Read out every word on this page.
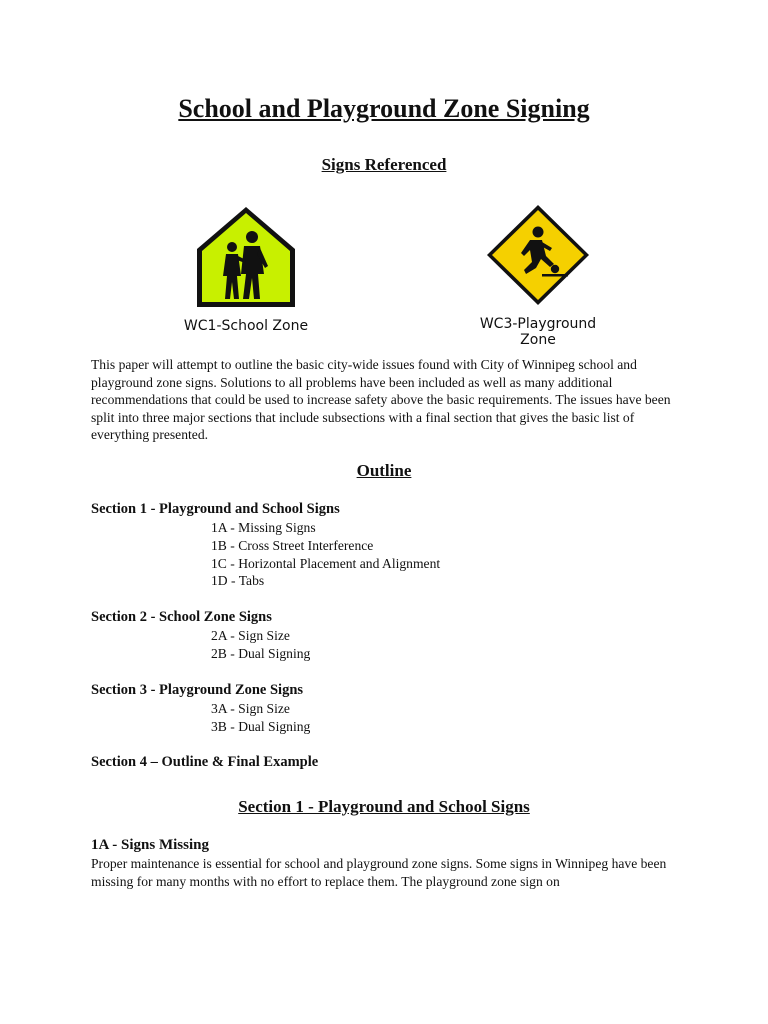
School and Playground Zone Signing
Signs Referenced
WC1-School Zone	WC3-Playground Zone

This paper will attempt to outline the basic city-wide issues found with City of Winnipeg school and playground zone signs. Solutions to all problems have been included as well as many additional recommendations that could be used to increase safety above the basic requirements. The issues have been split into three major sections that include subsections with a final section that gives the basic list of everything presented.

Outline

Section 1 - Playground and School Signs

1A - Missing Signs

1B - Cross Street Interference

1C - Horizontal Placement and Alignment

1D - Tabs

Section 2 - School Zone Signs

2A - Sign Size

2B - Dual Signing

Section 3 - Playground Zone Signs

3A - Sign Size

3B - Dual Signing

Section 4 – Outline & Final Example

Section 1 - Playground and School Signs
1A - Signs Missing

Proper maintenance is essential for school and playground zone signs. Some signs in Winnipeg have been missing for many months with no effort to replace them. The playground zone sign on
